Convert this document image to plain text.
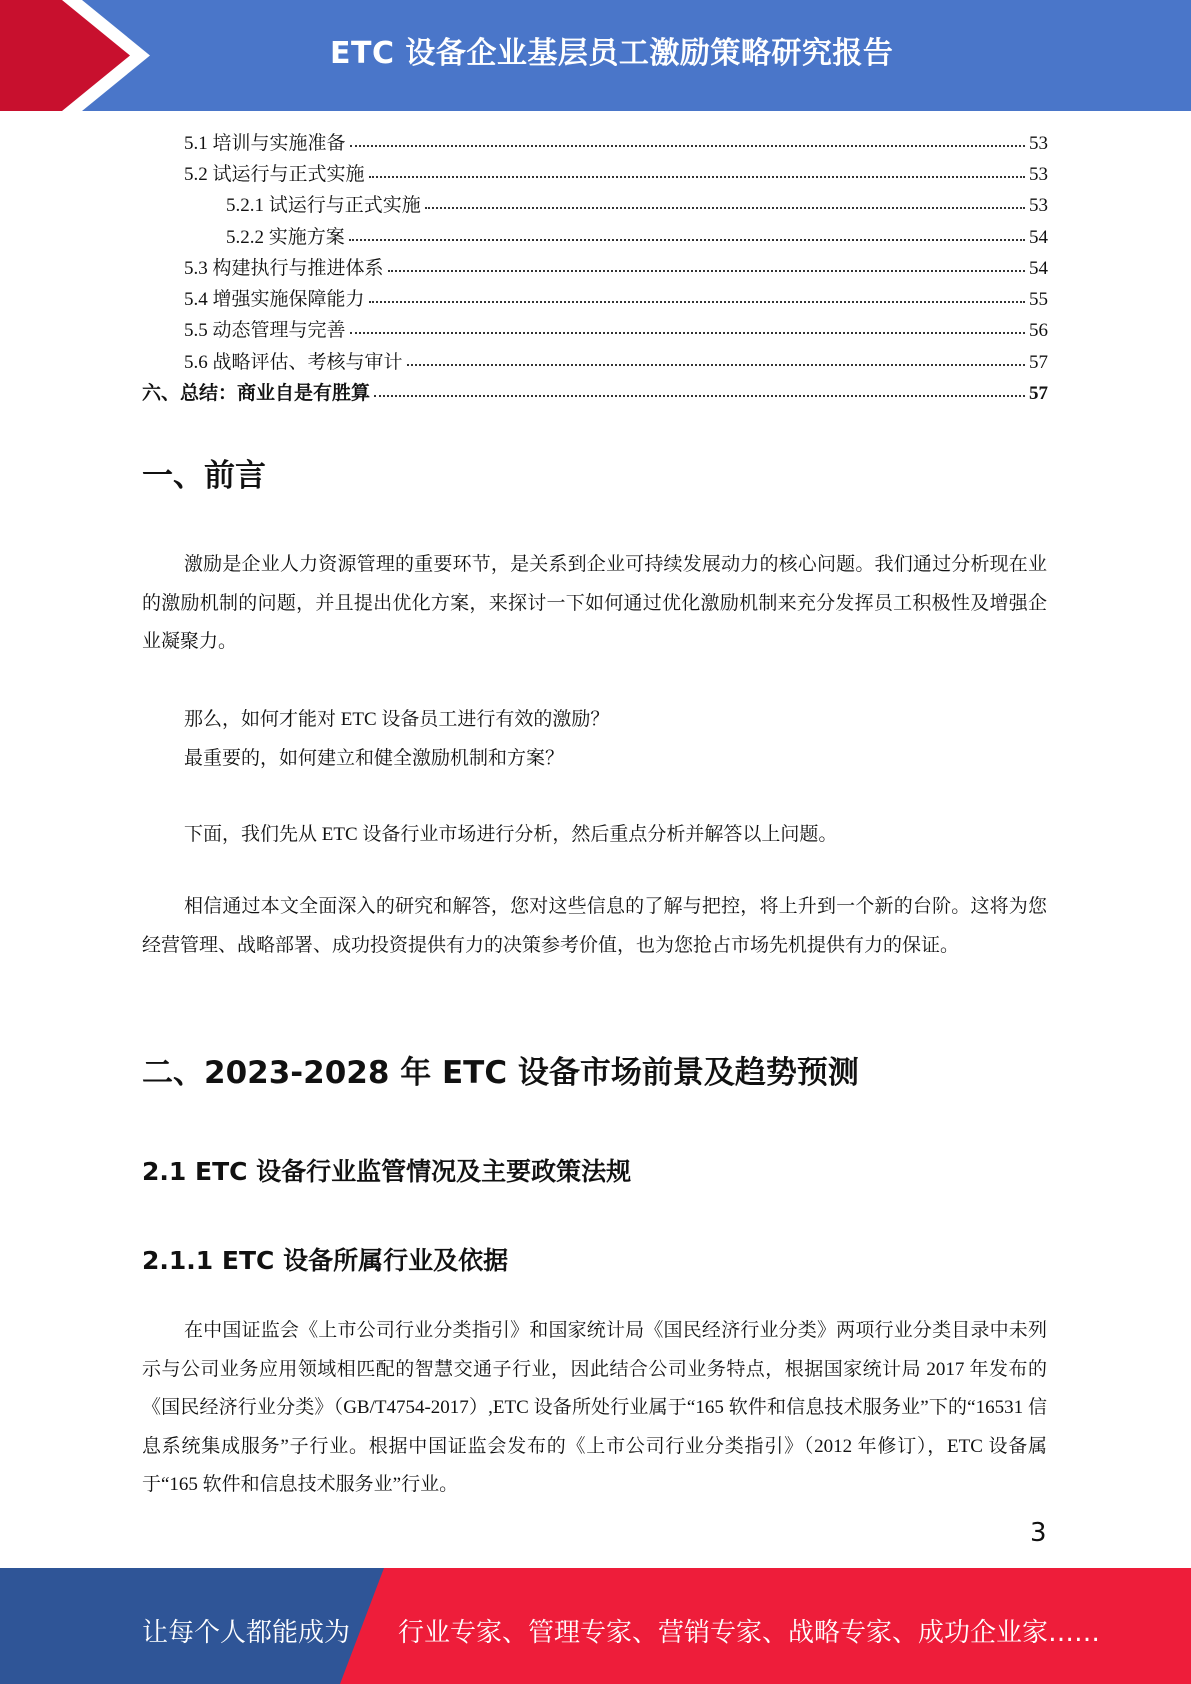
ETC 设备企业基层员工激励策略研究报告
5.1 培训与实施准备	53
5.2 试运行与正式实施	53
5.2.1 试运行与正式实施	53
5.2.2 实施方案	54
5.3 构建执行与推进体系	54
5.4 增强实施保障能力	55
5.5 动态管理与完善	56
5.6 战略评估、考核与审计	57
六、总结：商业自是有胜算	57
一、前言

激励是企业人力资源管理的重要环节，是关系到企业可持续发展动力的核心问题。我们通过分析现在业的激励机制的问题，并且提出优化方案，来探讨一下如何通过优化激励机制来充分发挥员工积极性及增强企业凝聚力。

那么，如何才能对 ETC 设备员工进行有效的激励？

最重要的，如何建立和健全激励机制和方案？

下面，我们先从 ETC 设备行业市场进行分析，然后重点分析并解答以上问题。

相信通过本文全面深入的研究和解答，您对这些信息的了解与把控，将上升到一个新的台阶。这将为您经营管理、战略部署、成功投资提供有力的决策参考价值，也为您抢占市场先机提供有力的保证。

二、2023-2028 年 ETC 设备市场前景及趋势预测
2.1 ETC 设备行业监管情况及主要政策法规
2.1.1 ETC 设备所属行业及依据

在中国证监会《上市公司行业分类指引》和国家统计局《国民经济行业分类》两项行业分类目录中未列示与公司业务应用领域相匹配的智慧交通子行业，因此结合公司业务特点，根据国家统计局 2017 年发布的《国民经济行业分类》（GB/T4754-2017）,ETC 设备所处行业属于“165 软件和信息技术服务业”下的“16531 信息系统集成服务”子行业。根据中国证监会发布的《上市公司行业分类指引》（2012 年修订），ETC 设备属于“165 软件和信息技术服务业”行业。

3
让每个人都能成为 行业专家、管理专家、营销专家、战略专家、成功企业家……
